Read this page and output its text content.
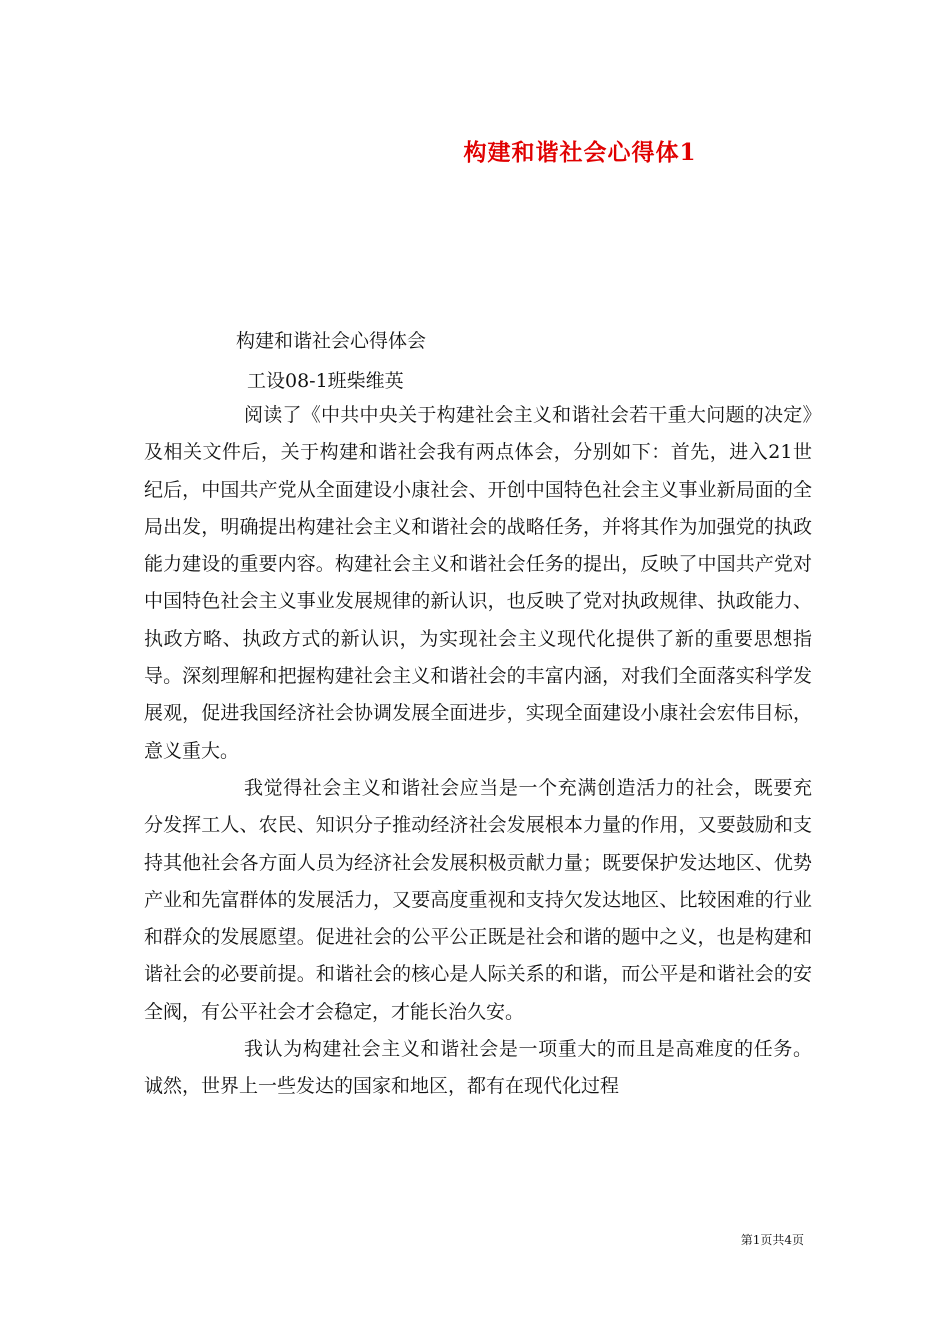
构建和谐社会心得体1
构建和谐社会心得体会
工设08-1班柴维英

阅读了《中共中央关于构建社会主义和谐社会若干重大问题的决定》及相关文件后，关于构建和谐社会我有两点体会，分别如下：首先，进入21世纪后，中国共产党从全面建设小康社会、开创中国特色社会主义事业新局面的全局出发，明确提出构建社会主义和谐社会的战略任务，并将其作为加强党的执政能力建设的重要内容。构建社会主义和谐社会任务的提出，反映了中国共产党对中国特色社会主义事业发展规律的新认识，也反映了党对执政规律、执政能力、执政方略、执政方式的新认识，为实现社会主义现代化提供了新的重要思想指导。深刻理解和把握构建社会主义和谐社会的丰富内涵，对我们全面落实科学发展观，促进我国经济社会协调发展全面进步，实现全面建设小康社会宏伟目标，意义重大。

我觉得社会主义和谐社会应当是一个充满创造活力的社会，既要充分发挥工人、农民、知识分子推动经济社会发展根本力量的作用，又要鼓励和支持其他社会各方面人员为经济社会发展积极贡献力量；既要保护发达地区、优势产业和先富群体的发展活力，又要高度重视和支持欠发达地区、比较困难的行业和群众的发展愿望。促进社会的公平公正既是社会和谐的题中之义，也是构建和谐社会的必要前提。和谐社会的核心是人际关系的和谐，而公平是和谐社会的安全阀，有公平社会才会稳定，才能长治久安。

我认为构建社会主义和谐社会是一项重大的而且是高难度的任务。诚然，世界上一些发达的国家和地区，都有在现代化过程

第1页共4页
